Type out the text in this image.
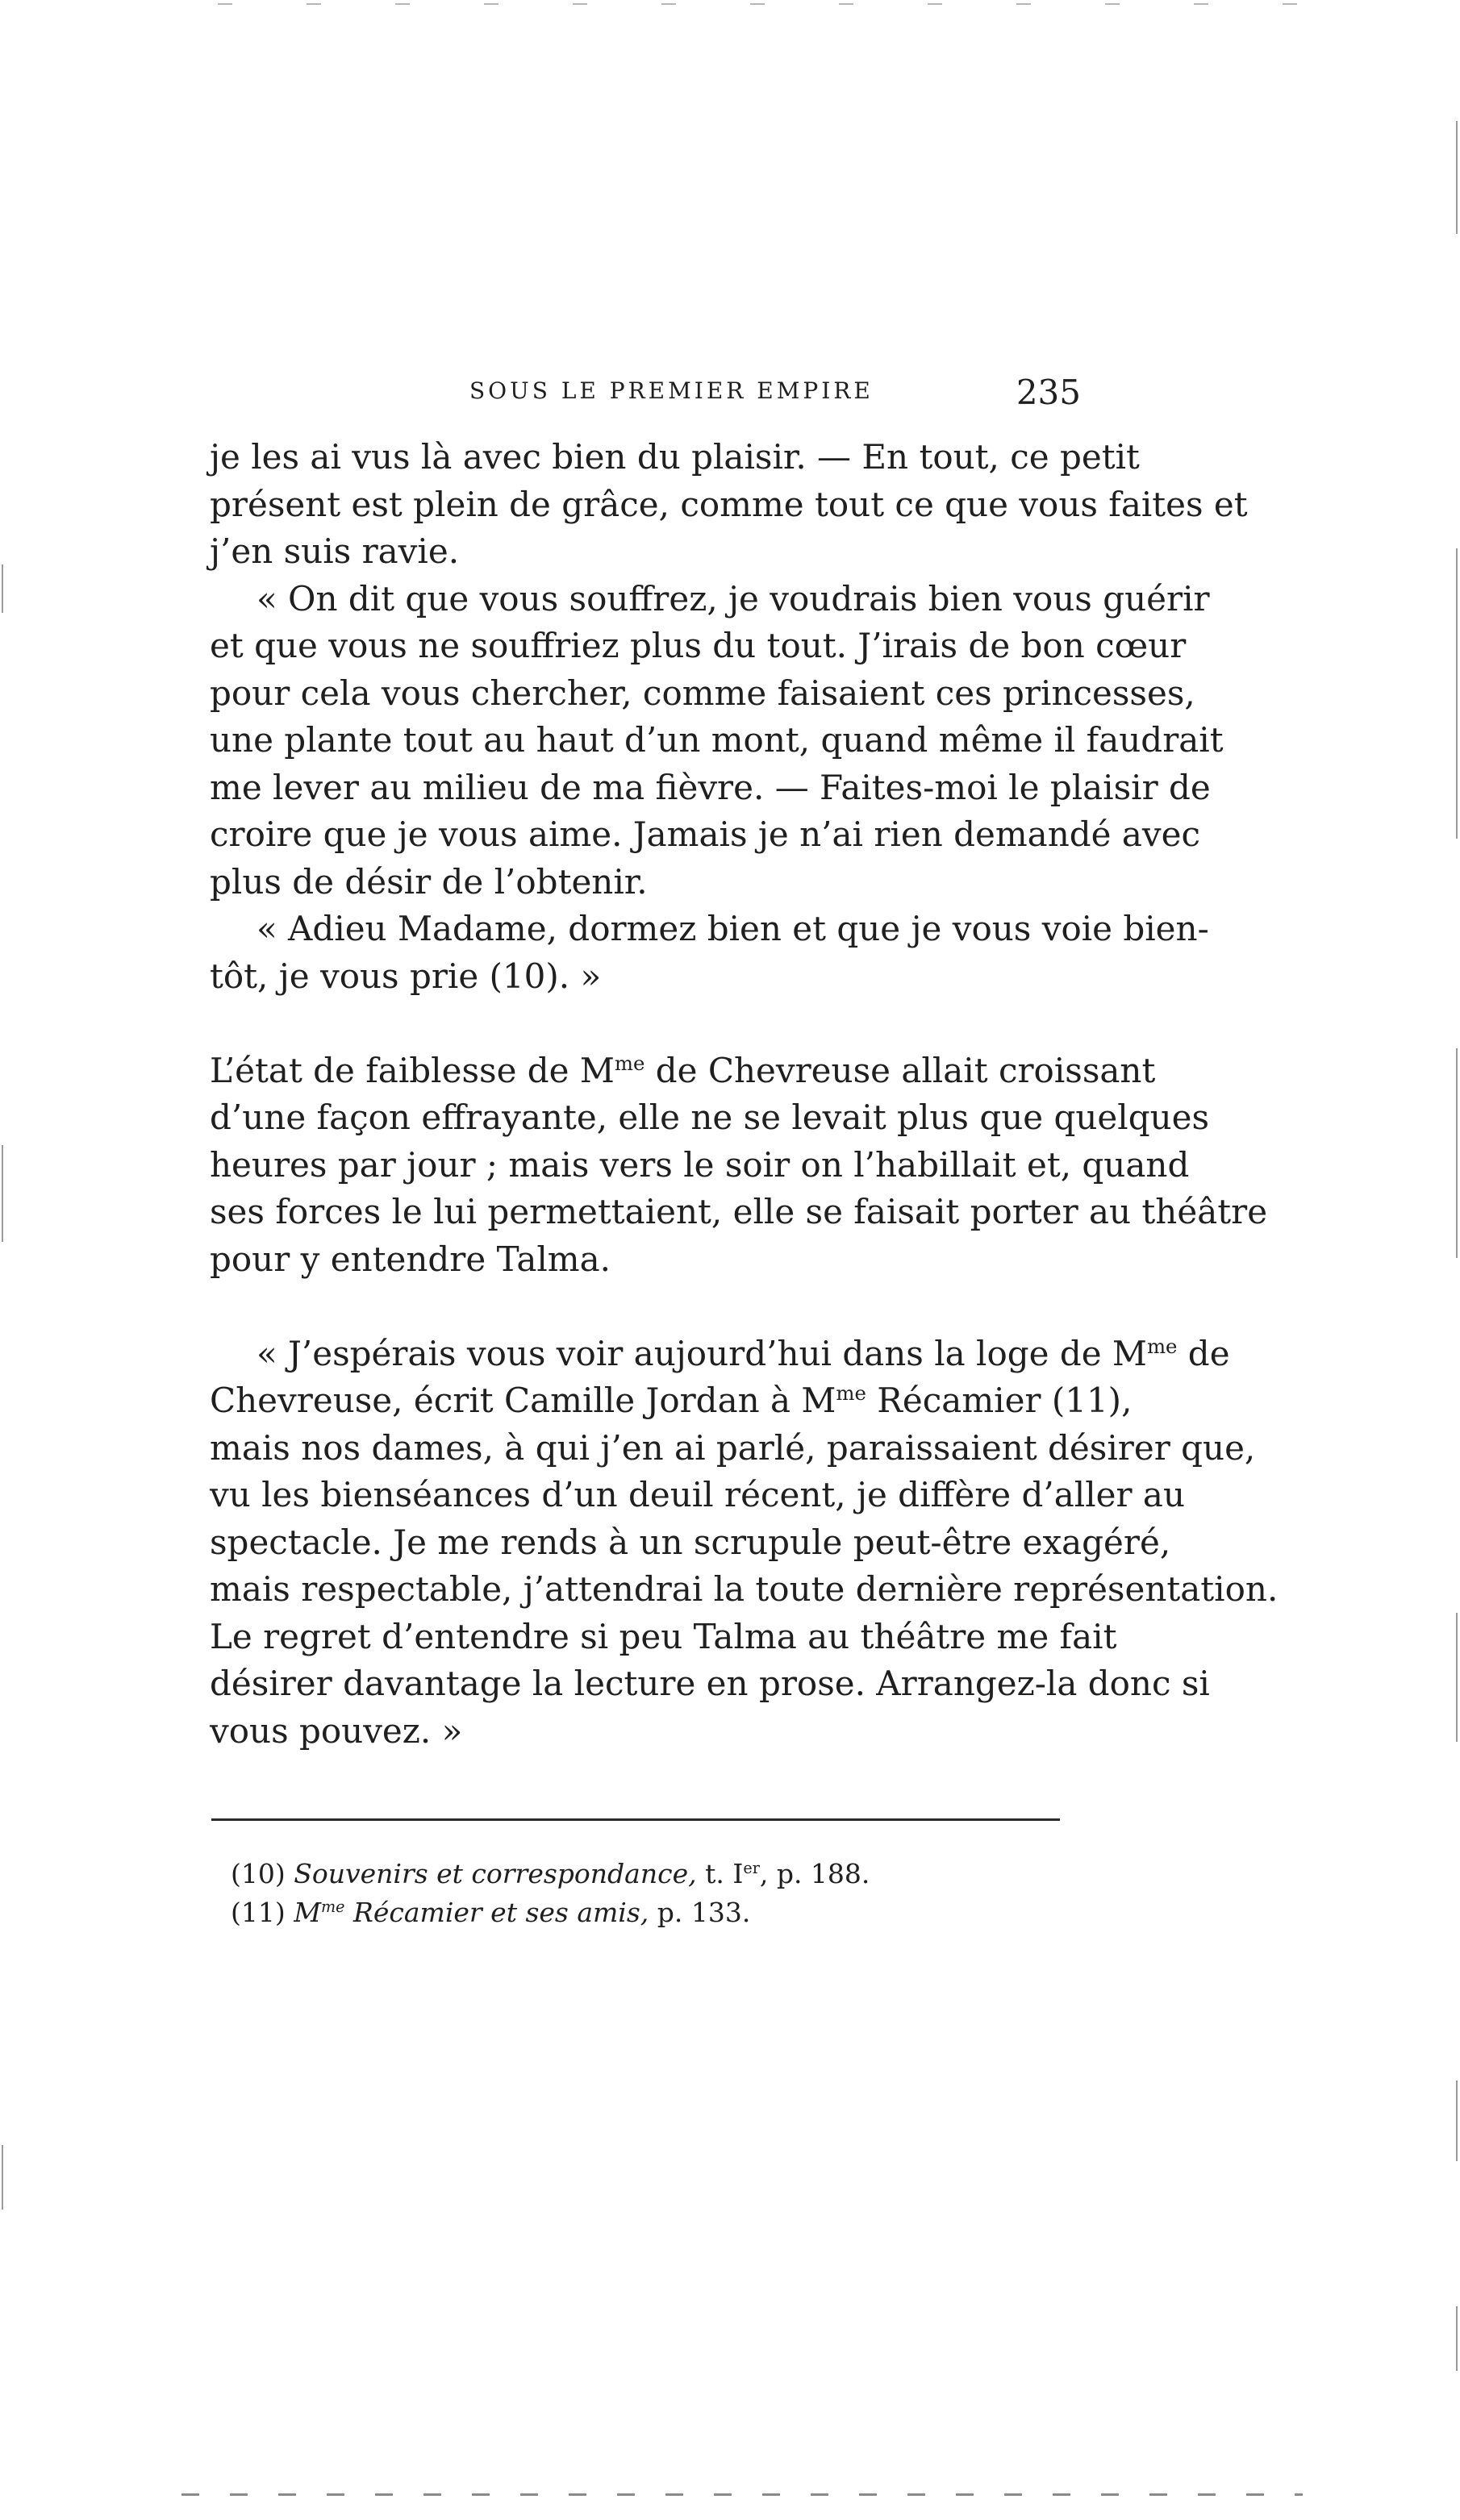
SOUS LE PREMIER EMPIRE	235
je les ai vus là avec bien du plaisir. — En tout, ce petit
présent est plein de grâce, comme tout ce que vous faites et
j’en suis ravie.
« On dit que vous souffrez, je voudrais bien vous guérir
et que vous ne souffriez plus du tout. J’irais de bon cœur
pour cela vous chercher, comme faisaient ces princesses,
une plante tout au haut d’un mont, quand même il faudrait
me lever au milieu de ma fièvre. — Faites-moi le plaisir de
croire que je vous aime. Jamais je n’ai rien demandé avec
plus de désir de l’obtenir.
« Adieu Madame, dormez bien et que je vous voie bien-
tôt, je vous prie (10). »
L’état de faiblesse de $M^{me}$ de Chevreuse allait croissant
d’une façon effrayante, elle ne se levait plus que quelques
heures par jour ; mais vers le soir on l’habillait et, quand
ses forces le lui permettaient, elle se faisait porter au théâtre
pour y entendre Talma.
« J’espérais vous voir aujourd’hui dans la loge de $M^{me}$ de
Chevreuse, écrit Camille Jordan à $M^{me}$ Récamier (11),
mais nos dames, à qui j’en ai parlé, paraissaient désirer que,
vu les bienséances d’un deuil récent, je diffère d’aller au
spectacle. Je me rends à un scrupule peut-être exagéré,
mais respectable, j’attendrai la toute dernière représentation.
Le regret d’entendre si peu Talma au théâtre me fait
désirer davantage la lecture en prose. Arrangez-la donc si
vous pouvez. »
(10) Souvenirs et correspondance, t. Ier, p. 188.
(11) M$^{me}$ Récamier et ses amis, p. 133.
